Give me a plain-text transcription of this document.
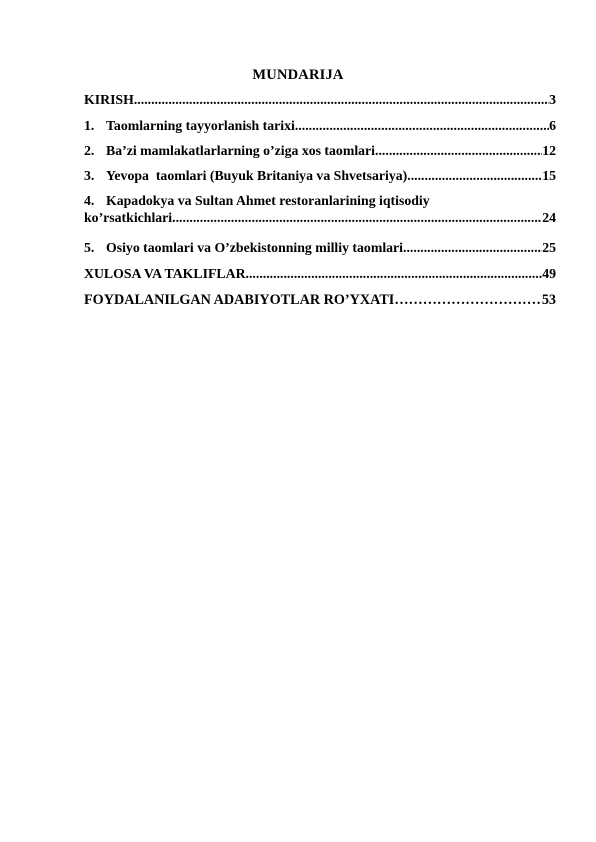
MUNDARIJA
KIRISH .....	3
1. Taomlarning tayyorlanish tarixi .....	6
2. Ba’zi mamlakatlarlarning o’ziga xos taomlari .....	12
3. Yevopa  taomlari (Buyuk Britaniya va Shvetsariya) .....	15
4. Kapadokya va Sultan Ahmet restoranlarining iqtisodiy
ko’rsatkichlari .....	24
5. Osiyo taomlari va O’zbekistonning milliy taomlari .....	25
XULOSA VA TAKLIFLAR .....	49
FOYDALANILGAN ADABIYOTLAR RO’YXATI …………………………………………………………………………………………………………………	53
